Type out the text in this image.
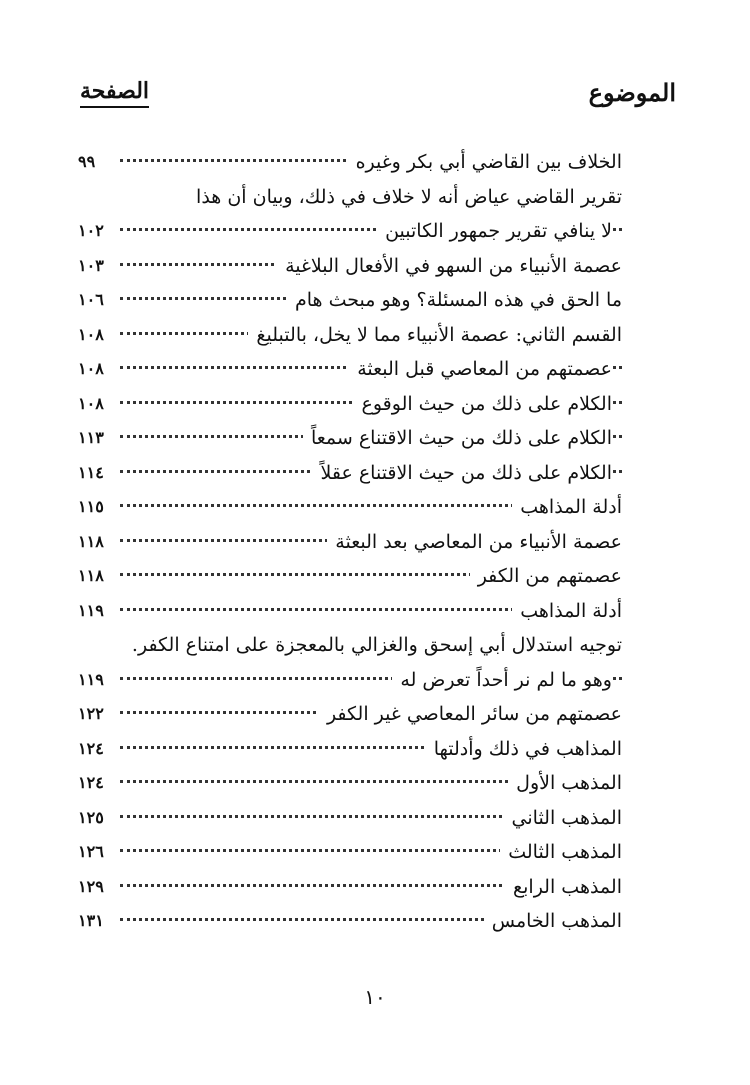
الموضوع
الصفحة
الخلاف بين القاضي أبي بكر وغيره
٩٩
تقرير القاضي عياض أنه لا خلاف في ذلك، وبيان أن هذا
لا ينافي تقرير جمهور الكاتبين
١٠٢
عصمة الأنبياء من السهو في الأفعال البلاغية
١٠٣
ما الحق في هذه المسئلة؟ وهو مبحث هام
١٠٦
القسم الثاني: عصمة الأنبياء مما لا يخل، بالتبليغ
١٠٨
عصمتهم من المعاصي قبل البعثة
١٠٨
الكلام على ذلك من حيث الوقوع
١٠٨
الكلام على ذلك من حيث الاقتناع سمعاً
١١٣
الكلام على ذلك من حيث الاقتناع عقلاً
١١٤
أدلة المذاهب
١١٥
عصمة الأنبياء من المعاصي بعد البعثة
١١٨
عصمتهم من الكفر
١١٨
أدلة المذاهب
١١٩
توجيه استدلال أبي إسحق والغزالي بالمعجزة على امتناع الكفر.
وهو ما لم نر أحداً تعرض له
١١٩
عصمتهم من سائر المعاصي غير الكفر
١٢٢
المذاهب في ذلك وأدلتها
١٢٤
المذهب الأول
١٢٤
المذهب الثاني
١٢٥
المذهب الثالث
١٢٦
المذهب الرابع
١٢٩
المذهب الخامس
١٣١
١٠
